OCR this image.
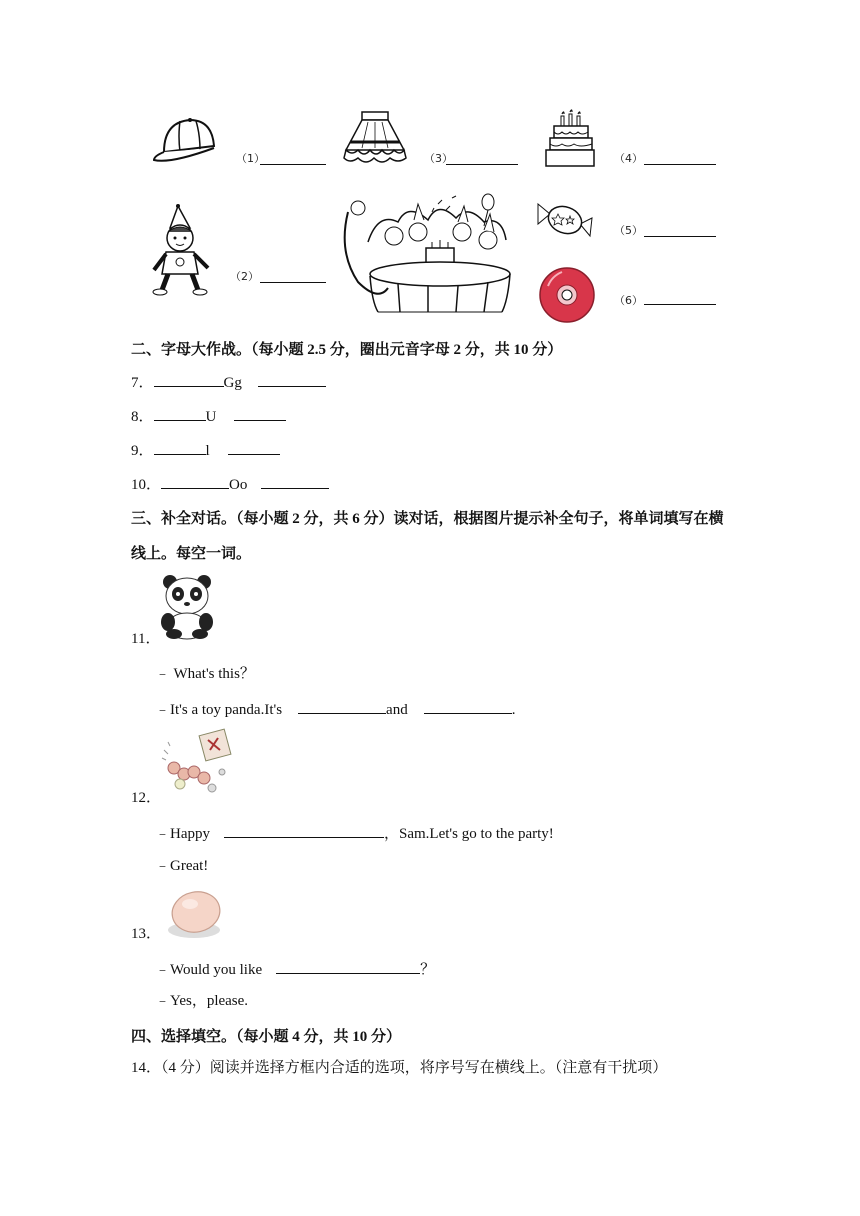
（1）	（3）	（4）
（2）
（5）
（6）
二、字母大作战。（每小题 2.5 分，圈出元音字母 2 分，共 10 分）
7．	Gg
8．	U
9．	l
10．	Oo
三、补全对话。（每小题 2 分，共 6 分）读对话，根据图片提示补全句子，将单词填写在横
线上。每空一词。
11．
﹣ What's this？
﹣It's a toy panda.It's	and	.
12．
﹣Happy	，Sam.Let's go to the party!
﹣Great!
13．
﹣Would you like	？
﹣Yes，please.
四、选择填空。（每小题 4 分，共 10 分）
14．（4 分）阅读并选择方框内合适的选项，将序号写在横线上。（注意有干扰项）
